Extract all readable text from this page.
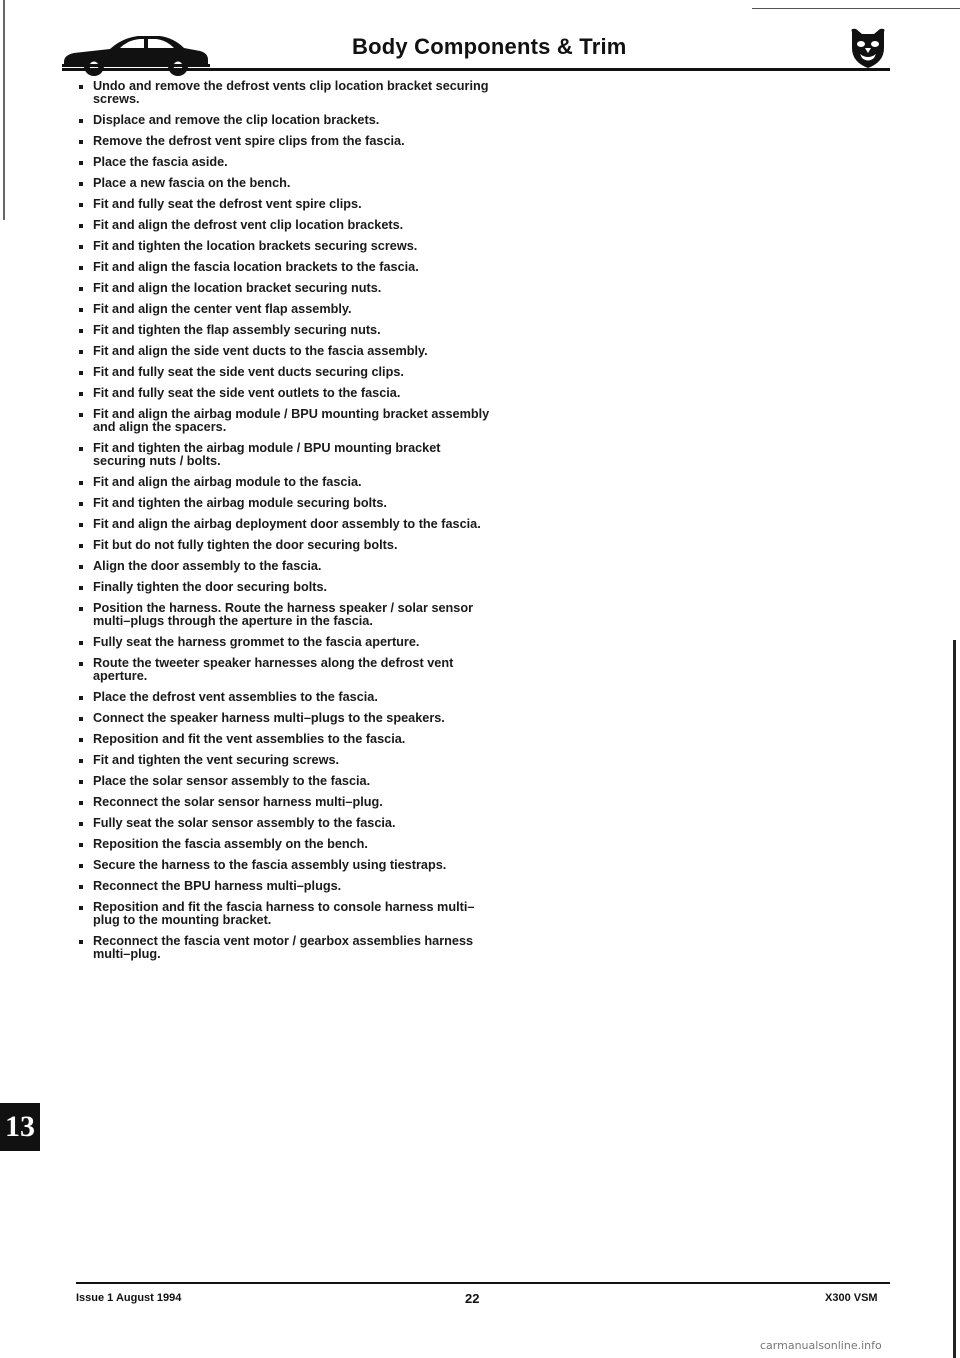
Body Components & Trim
Undo and remove the defrost vents clip location bracket securing screws.
Displace and remove the clip location brackets.
Remove the defrost vent spire clips from the fascia.
Place the fascia aside.
Place a new fascia on the bench.
Fit and fully seat the defrost vent spire clips.
Fit and align the defrost vent clip location brackets.
Fit and tighten the location brackets securing screws.
Fit and align the fascia location brackets to the fascia.
Fit and align the location bracket securing nuts.
Fit and align the center vent flap assembly.
Fit and tighten the flap assembly securing nuts.
Fit and align the side vent ducts to the fascia assembly.
Fit and fully seat the side vent ducts securing clips.
Fit and fully seat the side vent outlets to the fascia.
Fit and align the airbag module / BPU mounting bracket assembly and align the spacers.
Fit and tighten the airbag module / BPU mounting bracket securing nuts / bolts.
Fit and align the airbag module to the fascia.
Fit and tighten the airbag module securing bolts.
Fit and align the airbag deployment door assembly to the fascia.
Fit but do not fully tighten the door securing bolts.
Align the door assembly to the fascia.
Finally tighten the door securing bolts.
Position the harness. Route the harness speaker / solar sensor multi–plugs through the aperture in the fascia.
Fully seat the harness grommet to the fascia aperture.
Route the tweeter speaker harnesses along the defrost vent aperture.
Place the defrost vent assemblies to the fascia.
Connect the speaker harness multi–plugs to the speakers.
Reposition and fit the vent assemblies to the fascia.
Fit and tighten the vent securing screws.
Place the solar sensor assembly to the fascia.
Reconnect the solar sensor harness multi–plug.
Fully seat the solar sensor assembly to the fascia.
Reposition the fascia assembly on the bench.
Secure the harness to the fascia assembly using tiestraps.
Reconnect the BPU harness multi–plugs.
Reposition and fit the fascia harness to console harness multi–plug to the mounting bracket.
Reconnect the fascia vent motor / gearbox assemblies harness multi–plug.
13
Issue 1 August 1994	22	X300 VSM
carmanualsonline.info
